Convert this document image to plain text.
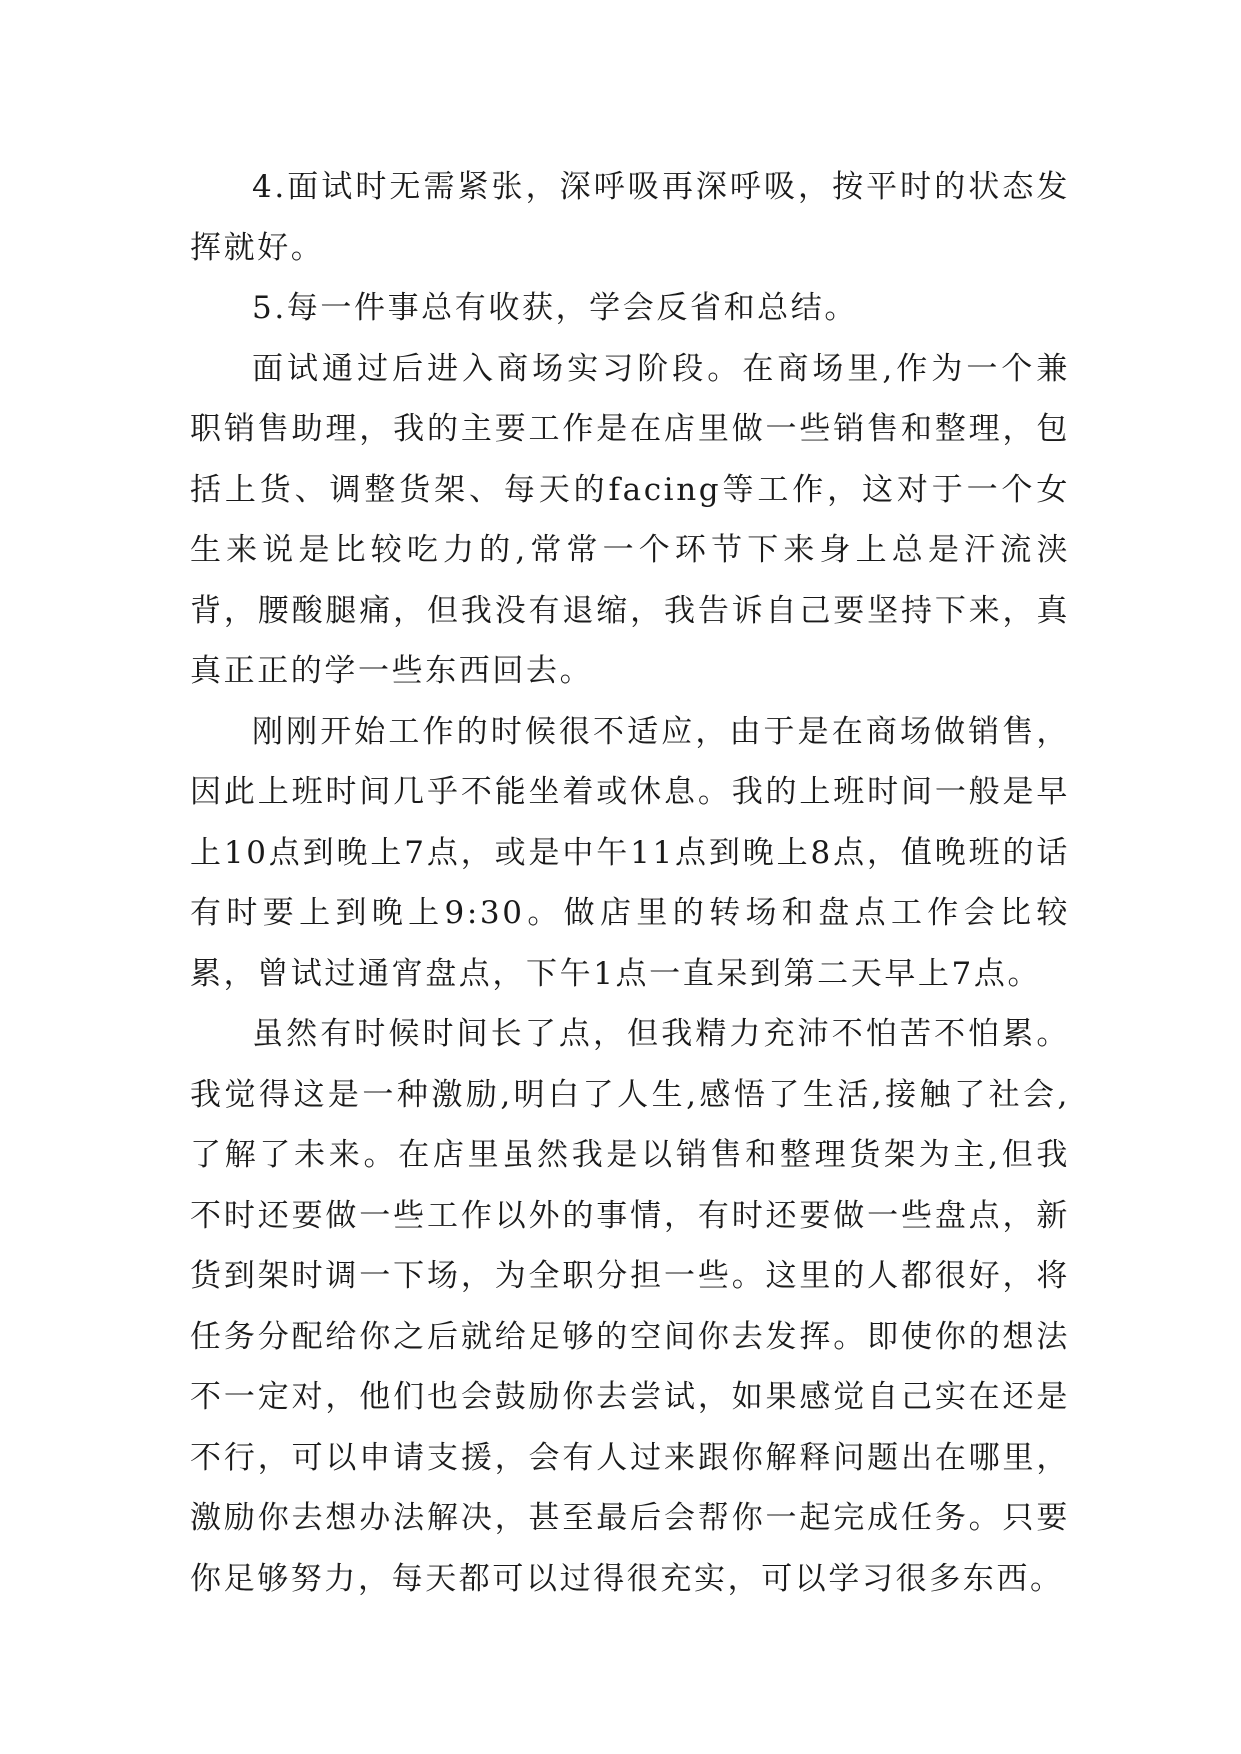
4.面试时无需紧张，深呼吸再深呼吸，按平时的状态发挥就好。

5.每一件事总有收获，学会反省和总结。

面试通过后进入商场实习阶段。在商场里,作为一个兼职销售助理，我的主要工作是在店里做一些销售和整理，包括上货、调整货架、每天的facing等工作，这对于一个女生来说是比较吃力的,常常一个环节下来身上总是汗流浃背，腰酸腿痛，但我没有退缩，我告诉自己要坚持下来，真真正正的学一些东西回去。

刚刚开始工作的时候很不适应，由于是在商场做销售，因此上班时间几乎不能坐着或休息。我的上班时间一般是早上10点到晚上7点，或是中午11点到晚上8点，值晚班的话有时要上到晚上9:30。做店里的转场和盘点工作会比较累，曾试过通宵盘点，下午1点一直呆到第二天早上7点。

虽然有时候时间长了点，但我精力充沛不怕苦不怕累。我觉得这是一种激励,明白了人生,感悟了生活,接触了社会,了解了未来。在店里虽然我是以销售和整理货架为主,但我不时还要做一些工作以外的事情，有时还要做一些盘点，新货到架时调一下场，为全职分担一些。这里的人都很好，将任务分配给你之后就给足够的空间你去发挥。即使你的想法不一定对，他们也会鼓励你去尝试，如果感觉自己实在还是不行，可以申请支援，会有人过来跟你解释问题出在哪里，激励你去想办法解决，甚至最后会帮你一起完成任务。只要你足够努力，每天都可以过得很充实，可以学习很多东西。
